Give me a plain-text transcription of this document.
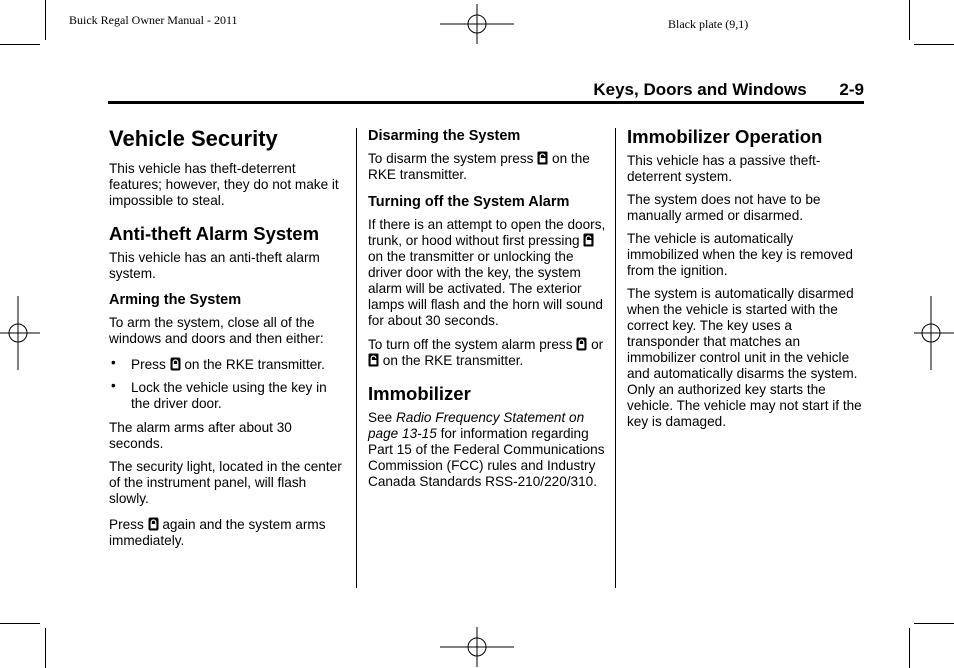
Buick Regal Owner Manual - 2011	Black plate (9,1)
Keys, Doors and Windows 2-9
Vehicle Security

This vehicle has theft-deterrent features; however, they do not make it impossible to steal.

Anti-theft Alarm System

This vehicle has an anti-theft alarm system.

Arming the System

To arm the system, close all of the windows and doors and then either:

• Press on the RKE transmitter.
• Lock the vehicle using the key in the driver door.

The alarm arms after about 30 seconds.

The security light, located in the center of the instrument panel, will flash slowly.

Press again and the system arms immediately.

Disarming the System

To disarm the system press on the RKE transmitter.

Turning off the System Alarm

If there is an attempt to open the doors, trunk, or hood without first pressing  on the transmitter or unlocking the driver door with the key, the system alarm will be activated. The exterior lamps will flash and the horn will sound for about 30 seconds.

To turn off the system alarm press or  on the RKE transmitter.

Immobilizer

See Radio Frequency Statement on page 13-15 for information regarding Part 15 of the Federal Communications Commission (FCC) rules and Industry Canada Standards RSS-210/220/310.

Immobilizer Operation

This vehicle has a passive theft-deterrent system.

The system does not have to be manually armed or disarmed.

The vehicle is automatically immobilized when the key is removed from the ignition.

The system is automatically disarmed when the vehicle is started with the correct key. The key uses a transponder that matches an immobilizer control unit in the vehicle and automatically disarms the system. Only an authorized key starts the vehicle. The vehicle may not start if the key is damaged.
